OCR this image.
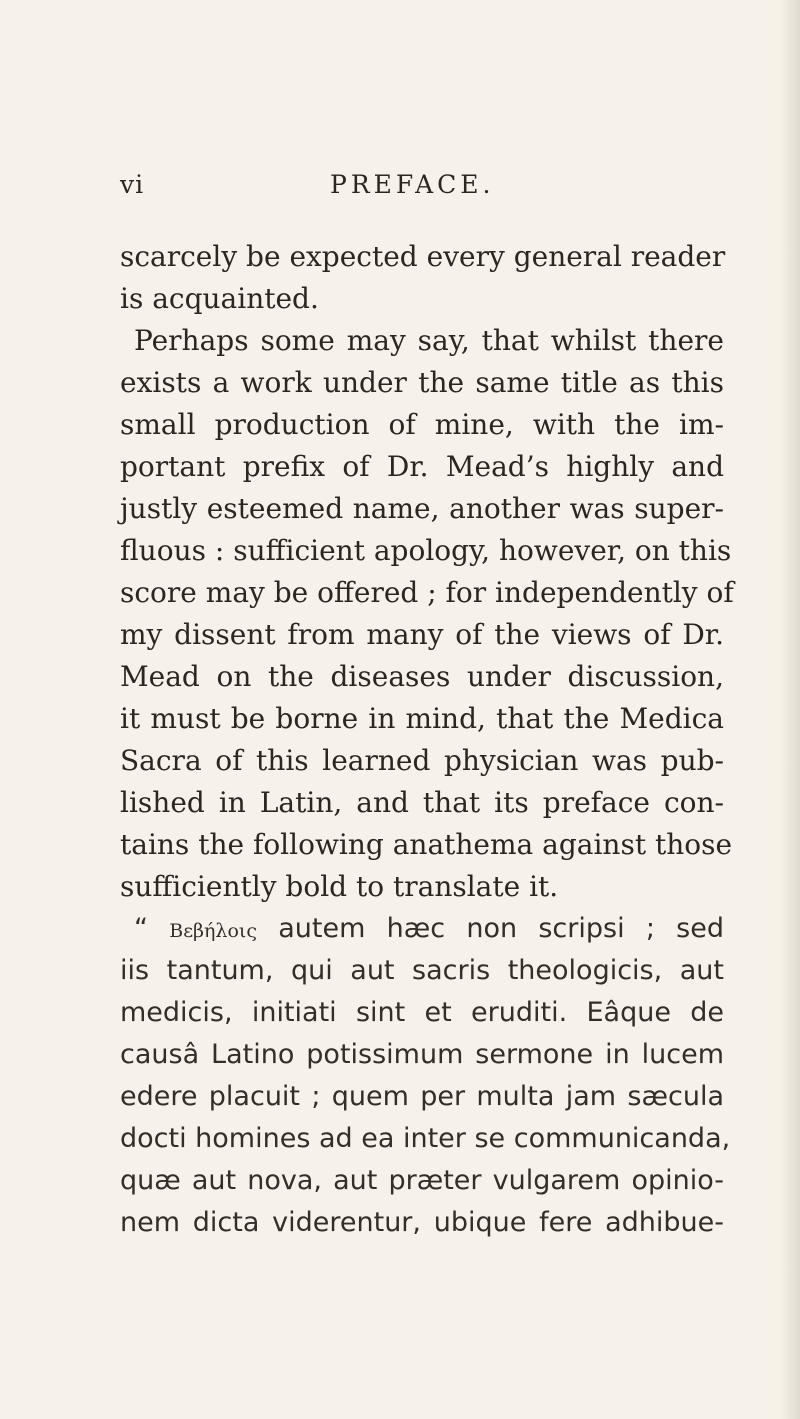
vi	PREFACE.
scarcely be expected every general reader
is acquainted.
Perhaps some may say, that whilst there
exists a work under the same title as this
small production of mine, with the im-
portant prefix of Dr. Mead’s highly and
justly esteemed name, another was super-
fluous : sufficient apology, however, on this
score may be offered ; for independently of
my dissent from many of the views of Dr.
Mead on the diseases under discussion,
it must be borne in mind, that the Medica
Sacra of this learned physician was pub-
lished in Latin, and that its preface con-
tains the following anathema against those
sufficiently bold to translate it.
“ Βεβήλοις autem hæc non scripsi ; sed
iis tantum, qui aut sacris theologicis, aut
medicis, initiati sint et eruditi. Eâque de
causâ Latino potissimum sermone in lucem
edere placuit ; quem per multa jam sæcula
docti homines ad ea inter se communicanda,
quæ aut nova, aut præter vulgarem opinio-
nem dicta viderentur, ubique fere adhibue-
